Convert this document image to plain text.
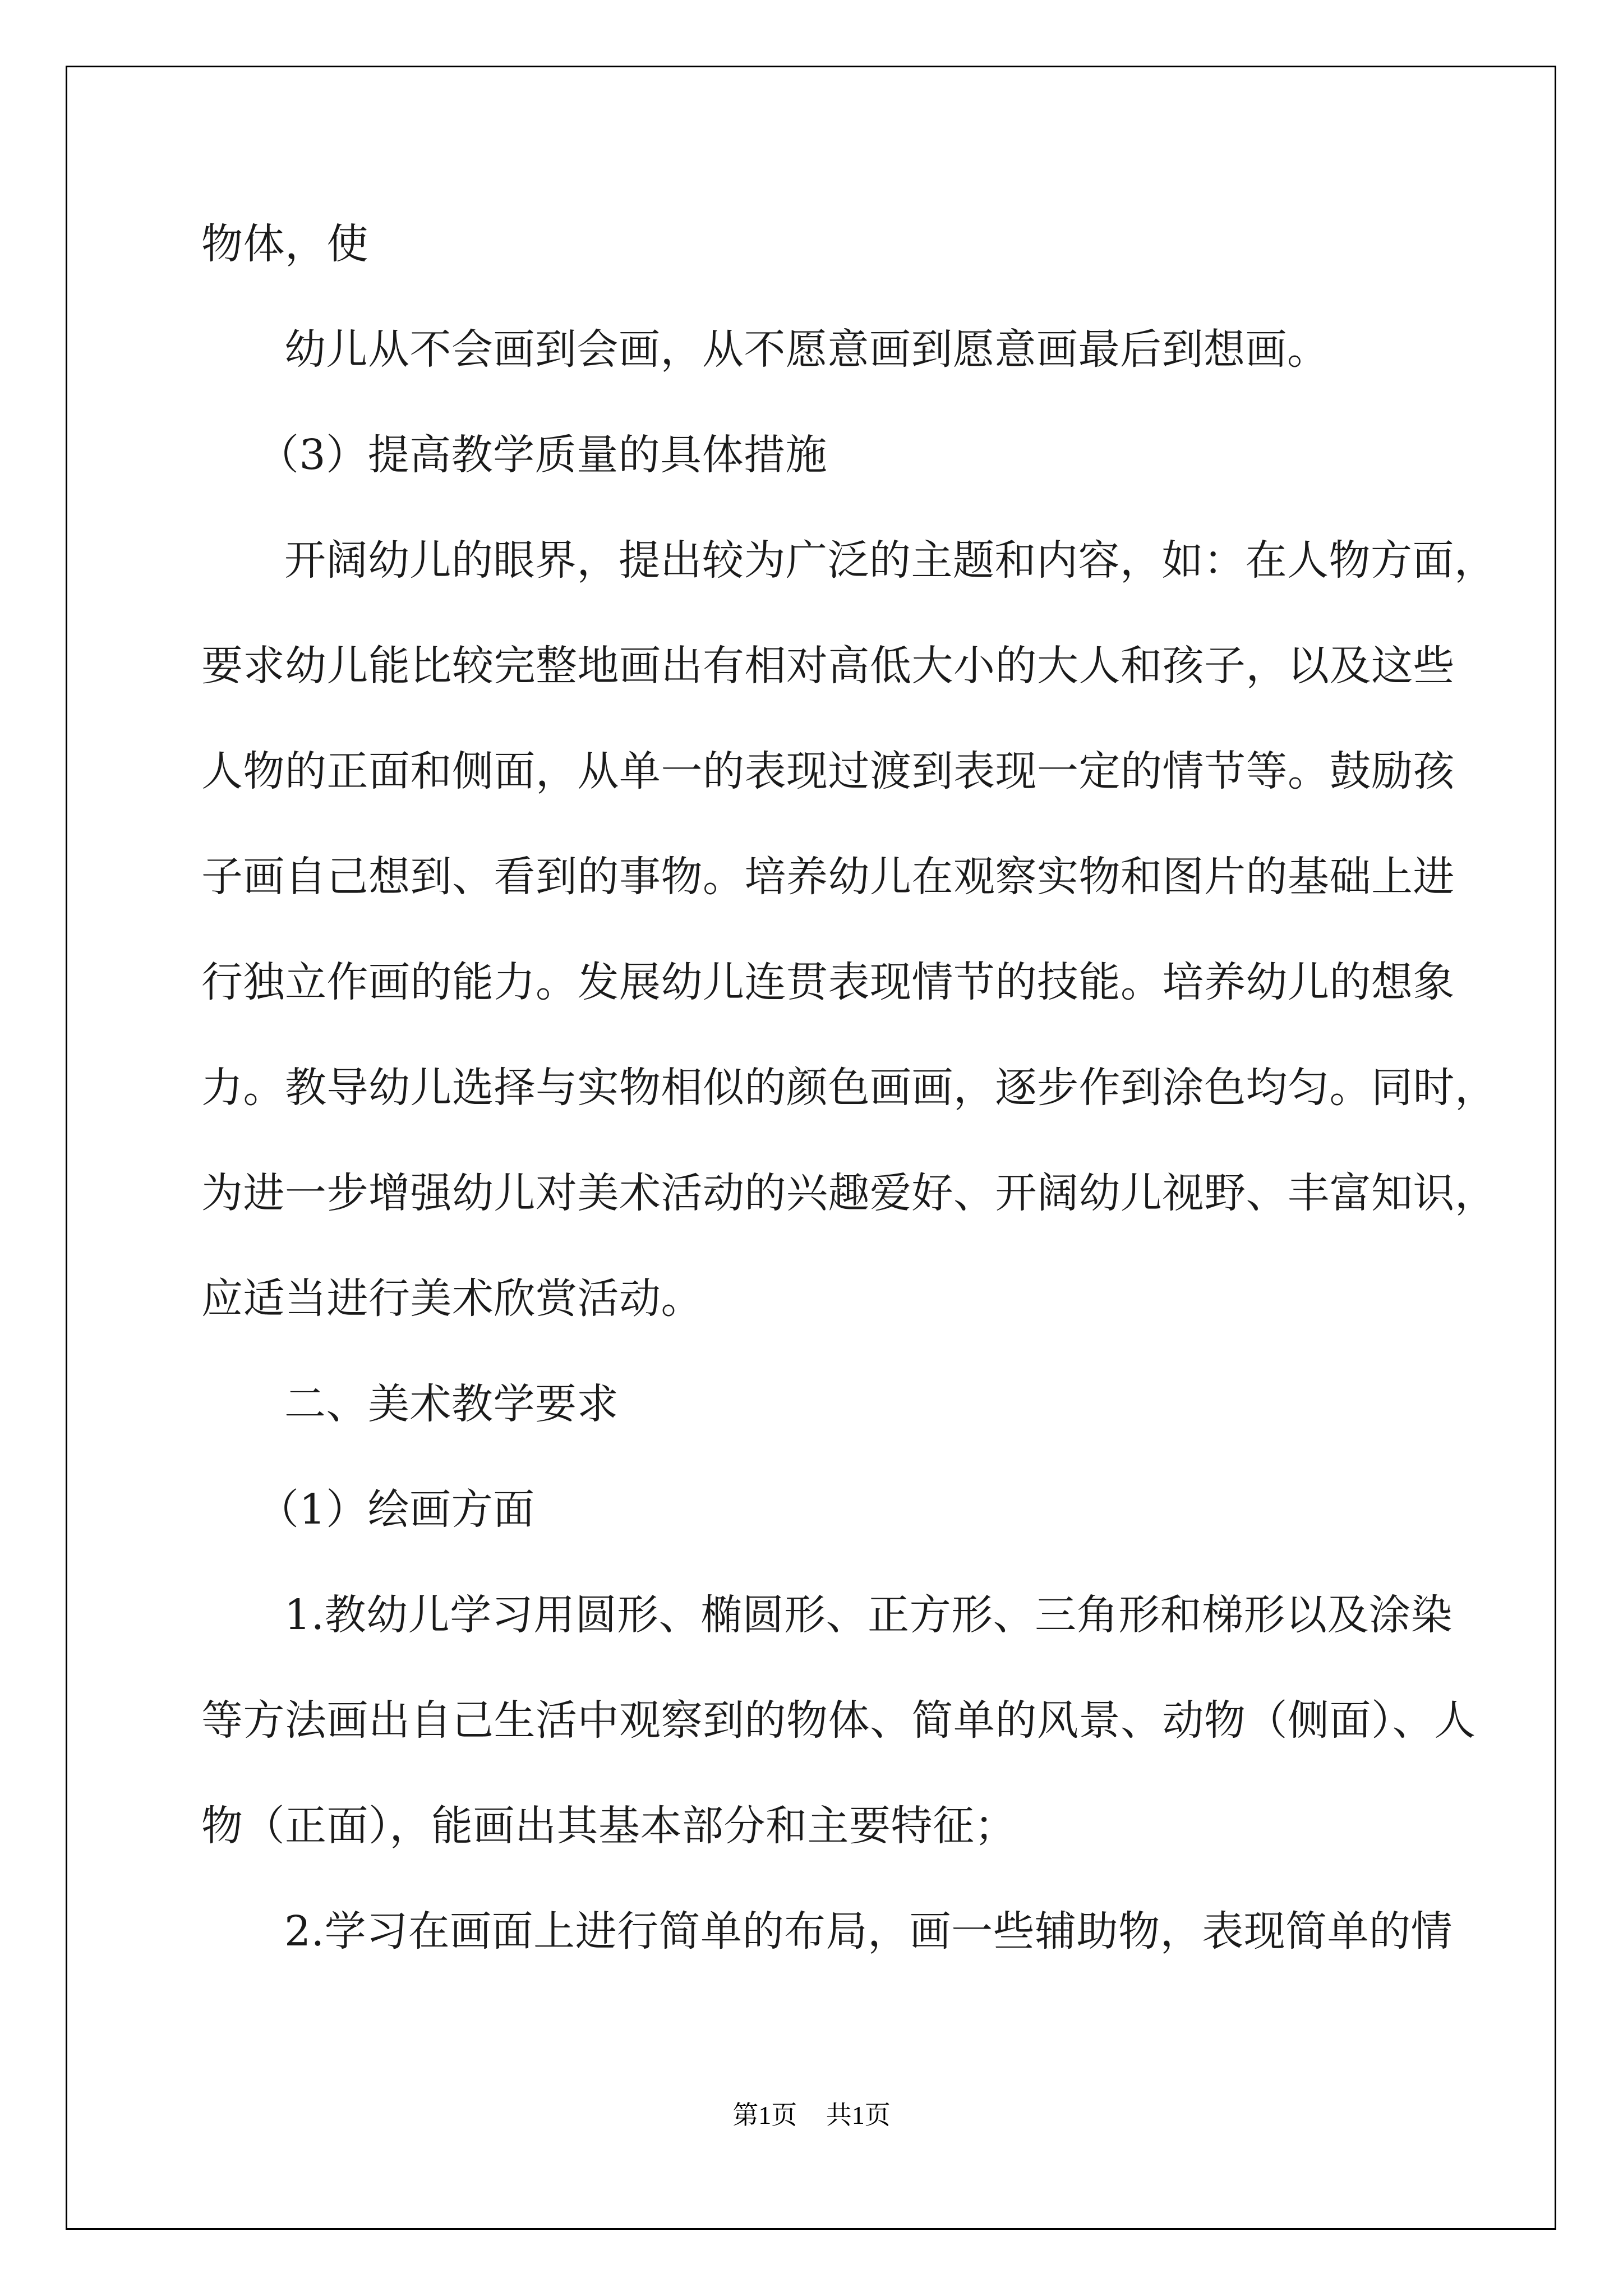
物体，使
幼儿从不会画到会画，从不愿意画到愿意画最后到想画。
（3）提高教学质量的具体措施
开阔幼儿的眼界，提出较为广泛的主题和内容，如：在人物方面，
要求幼儿能比较完整地画出有相对高低大小的大人和孩子，以及这些
人物的正面和侧面，从单一的表现过渡到表现一定的情节等。鼓励孩
子画自己想到、看到的事物。培养幼儿在观察实物和图片的基础上进
行独立作画的能力。发展幼儿连贯表现情节的技能。培养幼儿的想象
力。教导幼儿选择与实物相似的颜色画画，逐步作到涂色均匀。同时，
为进一步增强幼儿对美术活动的兴趣爱好、开阔幼儿视野、丰富知识，
应适当进行美术欣赏活动。
二、美术教学要求
（1）绘画方面
1.教幼儿学习用圆形、椭圆形、正方形、三角形和梯形以及涂染
等方法画出自己生活中观察到的物体、简单的风景、动物（侧面）、人
物（正面），能画出其基本部分和主要特征；
2.学习在画面上进行简单的布局，画一些辅助物，表现简单的情
第1页 共1页
